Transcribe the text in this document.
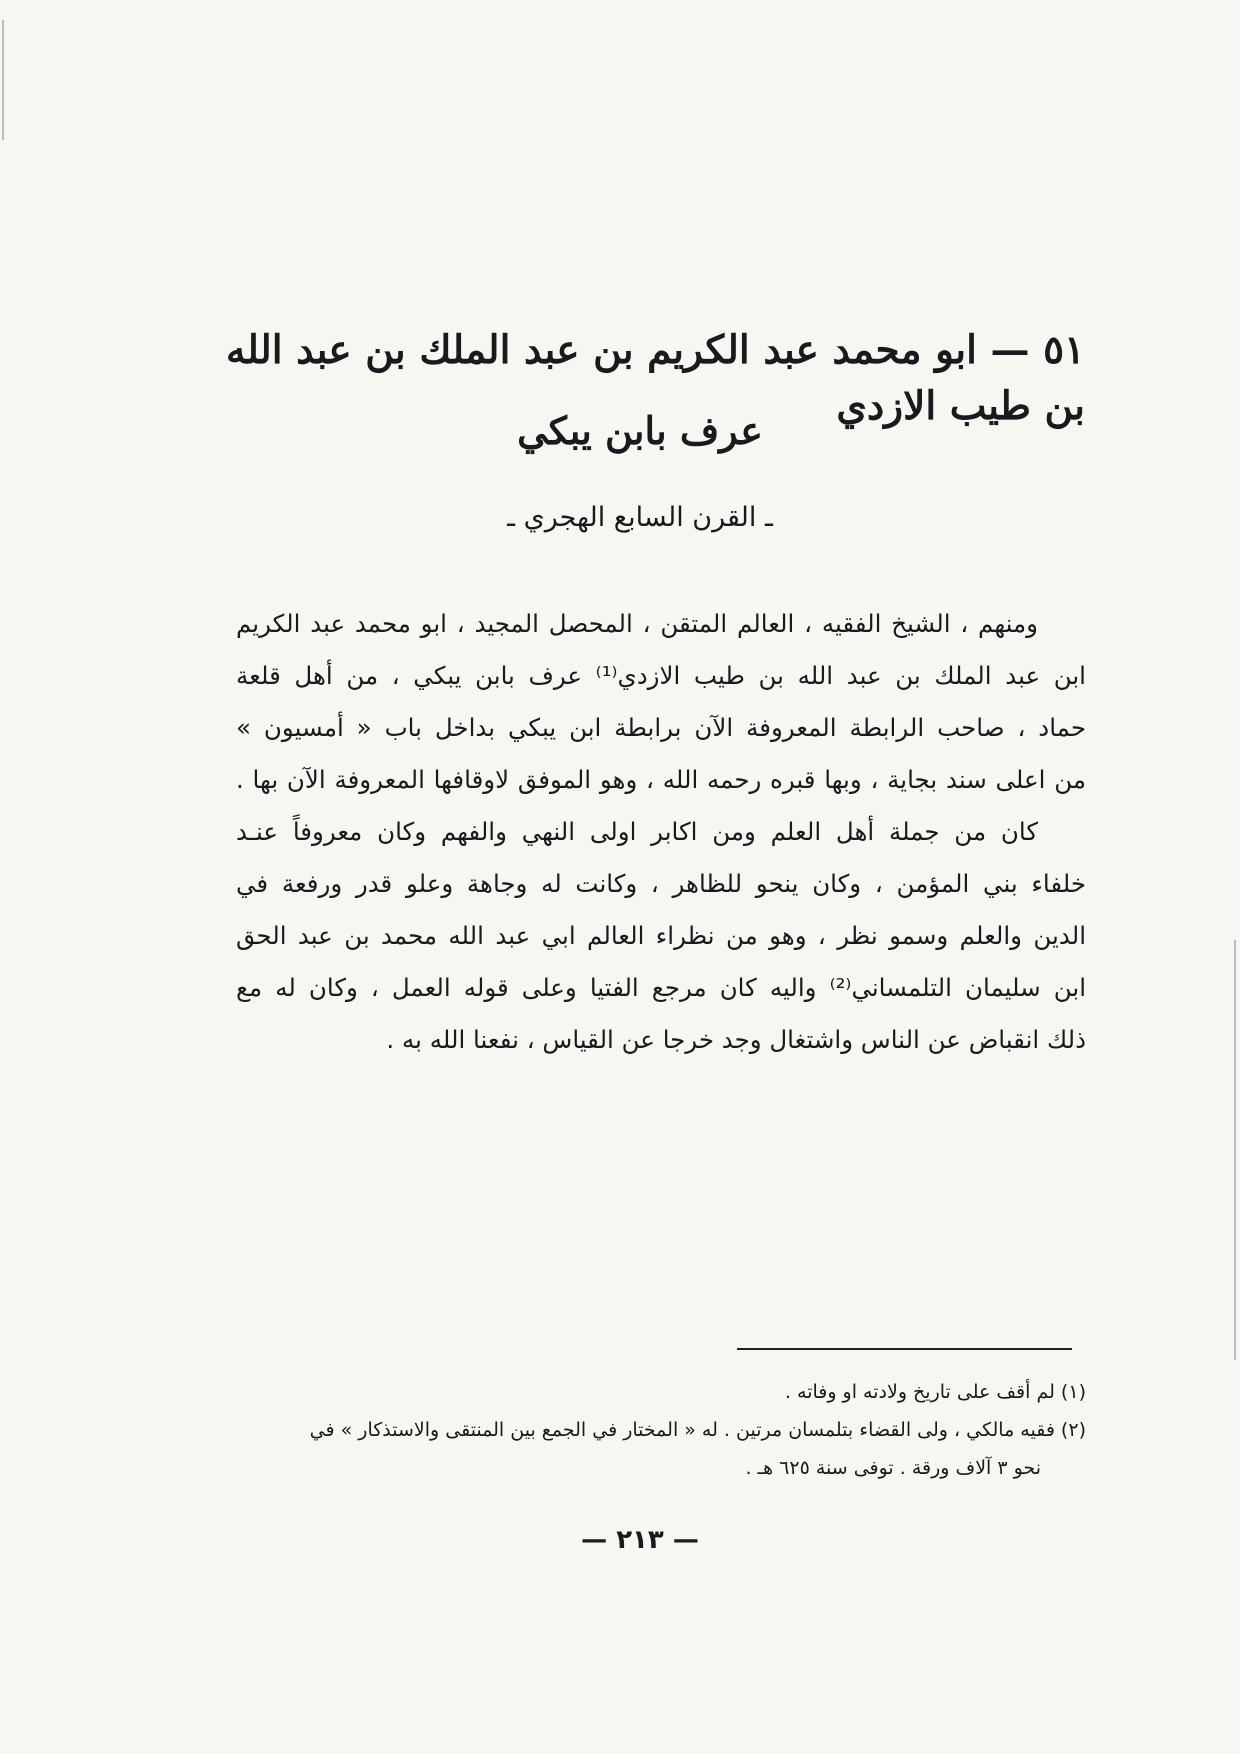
٥١ — ابو محمد عبد الكريم بن عبد الملك بن عبد الله بن طيب الازدي
عرف بابن يبكي
ـ القرن السابع الهجري ـ
ومنهم ، الشيخ الفقيه ، العالم المتقن ، المحصل المجيد ، ابو محمد عبد الكريم
ابن عبد الملك بن عبد الله بن طيب الازدي⁽¹⁾ عرف بابن يبكي ، من أهل قلعة
حماد ، صاحب الرابطة المعروفة الآن برابطة ابن يبكي بداخل باب « أمسيون »
من اعلى سند بجاية ، وبها قبره رحمه الله ، وهو الموفق لاوقافها المعروفة الآن بها .
كان من جملة أهل العلم ومن اكابر اولى النهي والفهم وكان معروفاً عنـد
خلفاء بني المؤمن ، وكان ينحو للظاهر ، وكانت له وجاهة وعلو قدر ورفعة في
الدين والعلم وسمو نظر ، وهو من نظراء العالم ابي عبد الله محمد بن عبد الحق
ابن سليمان التلمساني⁽²⁾ واليه كان مرجع الفتيا وعلى قوله العمل ، وكان له مع
ذلك انقباض عن الناس واشتغال وجد خرجا عن القياس ، نفعنا الله به .
(١) لم أقف على تاريخ ولادته او وفاته .
(٢) فقيه مالكي ، ولى القضاء بتلمسان مرتين . له « المختار في الجمع بين المنتقى والاستذكار » في
نحو ٣ آلاف ورقة . توفى سنة ٦٢٥ هـ .
— ٢١٣ —
